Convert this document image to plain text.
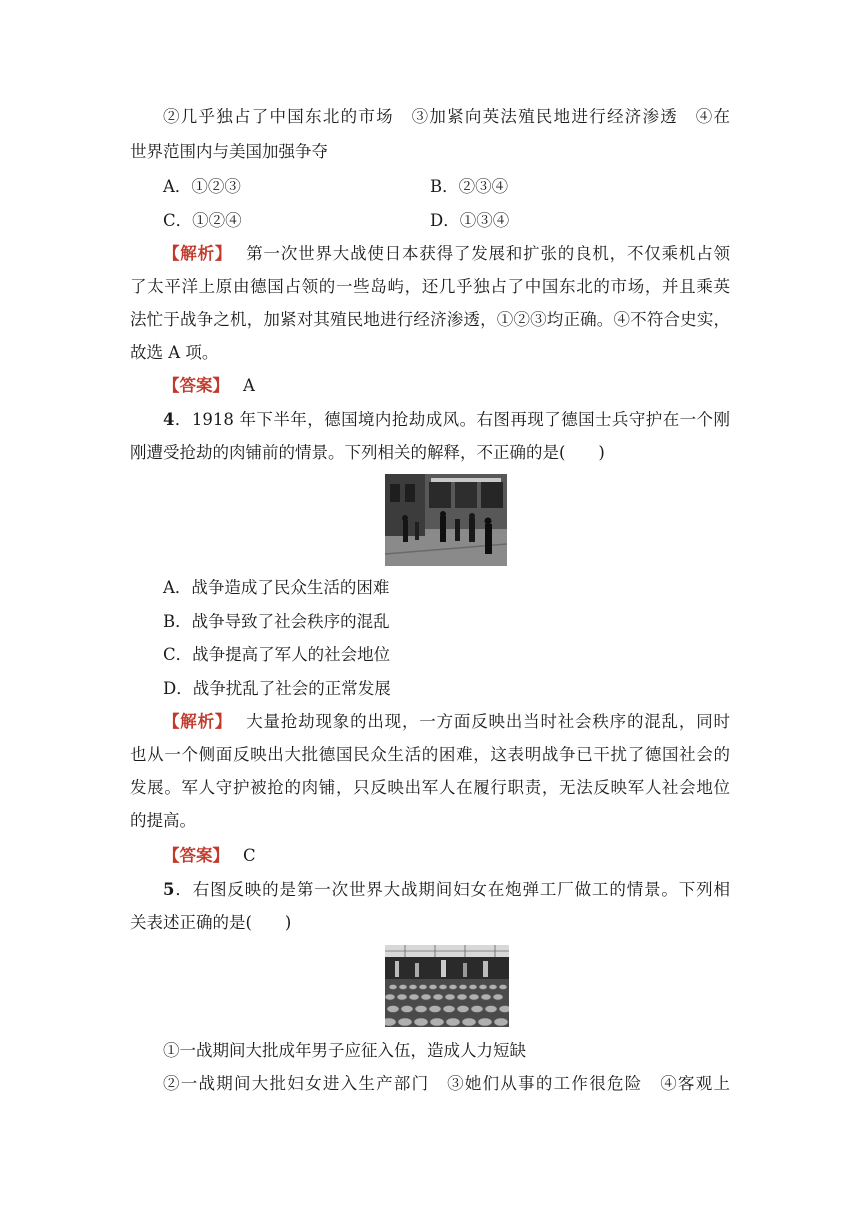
②几乎独占了中国东北的市场　③加紧向英法殖民地进行经济渗透　④在
世界范围内与美国加强争夺
A．①②③	B．②③④
C．①②④	D．①③④
【解析】 第一次世界大战使日本获得了发展和扩张的良机，不仅乘机占领
了太平洋上原由德国占领的一些岛屿，还几乎独占了中国东北的市场，并且乘英
法忙于战争之机，加紧对其殖民地进行经济渗透，①②③均正确。④不符合史实，
故选 A 项。
【答案】 A
4．1918 年下半年，德国境内抢劫成风。右图再现了德国士兵守护在一个刚
刚遭受抢劫的肉铺前的情景。下列相关的解释，不正确的是(　　)
A．战争造成了民众生活的困难
B．战争导致了社会秩序的混乱
C．战争提高了军人的社会地位
D．战争扰乱了社会的正常发展
【解析】 大量抢劫现象的出现，一方面反映出当时社会秩序的混乱，同时
也从一个侧面反映出大批德国民众生活的困难，这表明战争已干扰了德国社会的
发展。军人守护被抢的肉铺，只反映出军人在履行职责，无法反映军人社会地位
的提高。
【答案】 C
5．右图反映的是第一次世界大战期间妇女在炮弹工厂做工的情景。下列相
关表述正确的是(　　)
①一战期间大批成年男子应征入伍，造成人力短缺
②一战期间大批妇女进入生产部门　③她们从事的工作很危险　④客观上
